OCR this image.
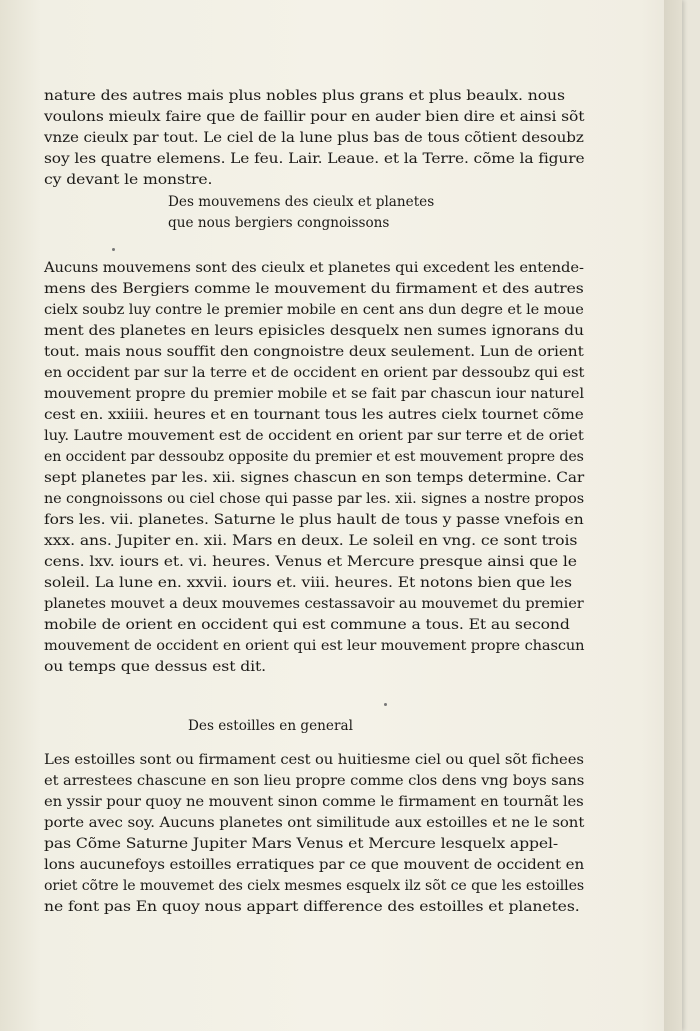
nature des autres mais plus nobles plus grans et plus beaulx. nous
voulons mieulx faire que de faillir pour en auder bien dire et ainsi sõt
vnze cieulx par tout. Le ciel de la lune plus bas de tous cõtient desoubz
soy les quatre elemens. Le feu. Lair. Leaue. et la Terre. cõme la figure
cy devant le monstre.
Des mouvemens des cieulx et planetes
que nous bergiers congnoissons
Aucuns mouvemens sont des cieulx et planetes qui excedent les entende-
mens des Bergiers comme le mouvement du firmament et des autres
cielx soubz luy contre le premier mobile en cent ans dun degre et le moue
ment des planetes en leurs episicles desquelx nen sumes ignorans du
tout. mais nous souffit den congnoistre deux seulement. Lun de orient
en occident par sur la terre et de occident en orient par dessoubz qui est
mouvement propre du premier mobile et se fait par chascun iour naturel
cest en. xxiiii. heures et en tournant tous les autres cielx tournet cõme
luy. Lautre mouvement est de occident en orient par sur terre et de oriet
en occident par dessoubz opposite du premier et est mouvement propre des
sept planetes par les. xii. signes chascun en son temps determine. Car
ne congnoissons ou ciel chose qui passe par les. xii. signes a nostre propos
fors les. vii. planetes. Saturne le plus hault de tous y passe vnefois en
xxx. ans. Jupiter en. xii. Mars en deux. Le soleil en vng. ce sont trois
cens. lxv. iours et. vi. heures. Venus et Mercure presque ainsi que le
soleil. La lune en. xxvii. iours et. viii. heures. Et notons bien que les
planetes mouvet a deux mouvemes cestassavoir au mouvemet du premier
mobile de orient en occident qui est commune a tous. Et au second
mouvement de occident en orient qui est leur mouvement propre chascun
ou temps que dessus est dit.
Des estoilles en general
Les estoilles sont ou firmament cest ou huitiesme ciel ou quel sõt fichees
et arrestees chascune en son lieu propre comme clos dens vng boys sans
en yssir pour quoy ne mouvent sinon comme le firmament en tournãt les
porte avec soy. Aucuns planetes ont similitude aux estoilles et ne le sont
pas Cõme Saturne Jupiter Mars Venus et Mercure lesquelx appel-
lons aucunefoys estoilles erratiques par ce que mouvent de occident en
oriet cõtre le mouvemet des cielx mesmes esquelx ilz sõt ce que les estoilles
ne font pas En quoy nous appart difference des estoilles et planetes.
